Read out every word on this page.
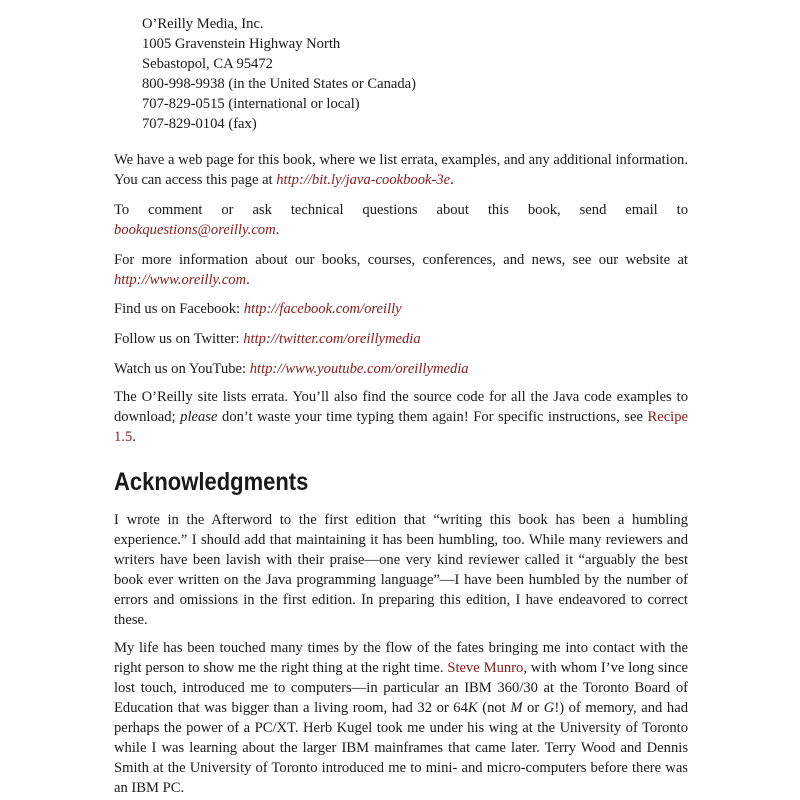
O’Reilly Media, Inc.
1005 Gravenstein Highway North
Sebastopol, CA 95472
800-998-9938 (in the United States or Canada)
707-829-0515 (international or local)
707-829-0104 (fax)

We have a web page for this book, where we list errata, examples, and any additional information. You can access this page at http://bit.ly/java-cookbook-3e.

To comment or ask technical questions about this book, send email to bookquestions@oreilly.com.

For more information about our books, courses, conferences, and news, see our website at http://www.oreilly.com.

Find us on Facebook: http://facebook.com/oreilly

Follow us on Twitter: http://twitter.com/oreillymedia

Watch us on YouTube: http://www.youtube.com/oreillymedia

The O’Reilly site lists errata. You’ll also find the source code for all the Java code examples to download; please don’t waste your time typing them again! For specific instructions, see Recipe 1.5.

Acknowledgments

I wrote in the Afterword to the first edition that “writing this book has been a humbling experience.” I should add that maintaining it has been humbling, too. While many reviewers and writers have been lavish with their praise—one very kind reviewer called it “arguably the best book ever written on the Java programming language”—I have been humbled by the number of errors and omissions in the first edition. In preparing this edition, I have endeavored to correct these.

My life has been touched many times by the flow of the fates bringing me into contact with the right person to show me the right thing at the right time. Steve Munro, with whom I’ve long since lost touch, introduced me to computers—in particular an IBM 360/30 at the Toronto Board of Education that was bigger than a living room, had 32 or 64K (not M or G!) of memory, and had perhaps the power of a PC/XT. Herb Kugel took me under his wing at the University of Toronto while I was learning about the larger IBM mainframes that came later. Terry Wood and Dennis Smith at the University of Toronto introduced me to mini- and micro-computers before there was an IBM PC.
